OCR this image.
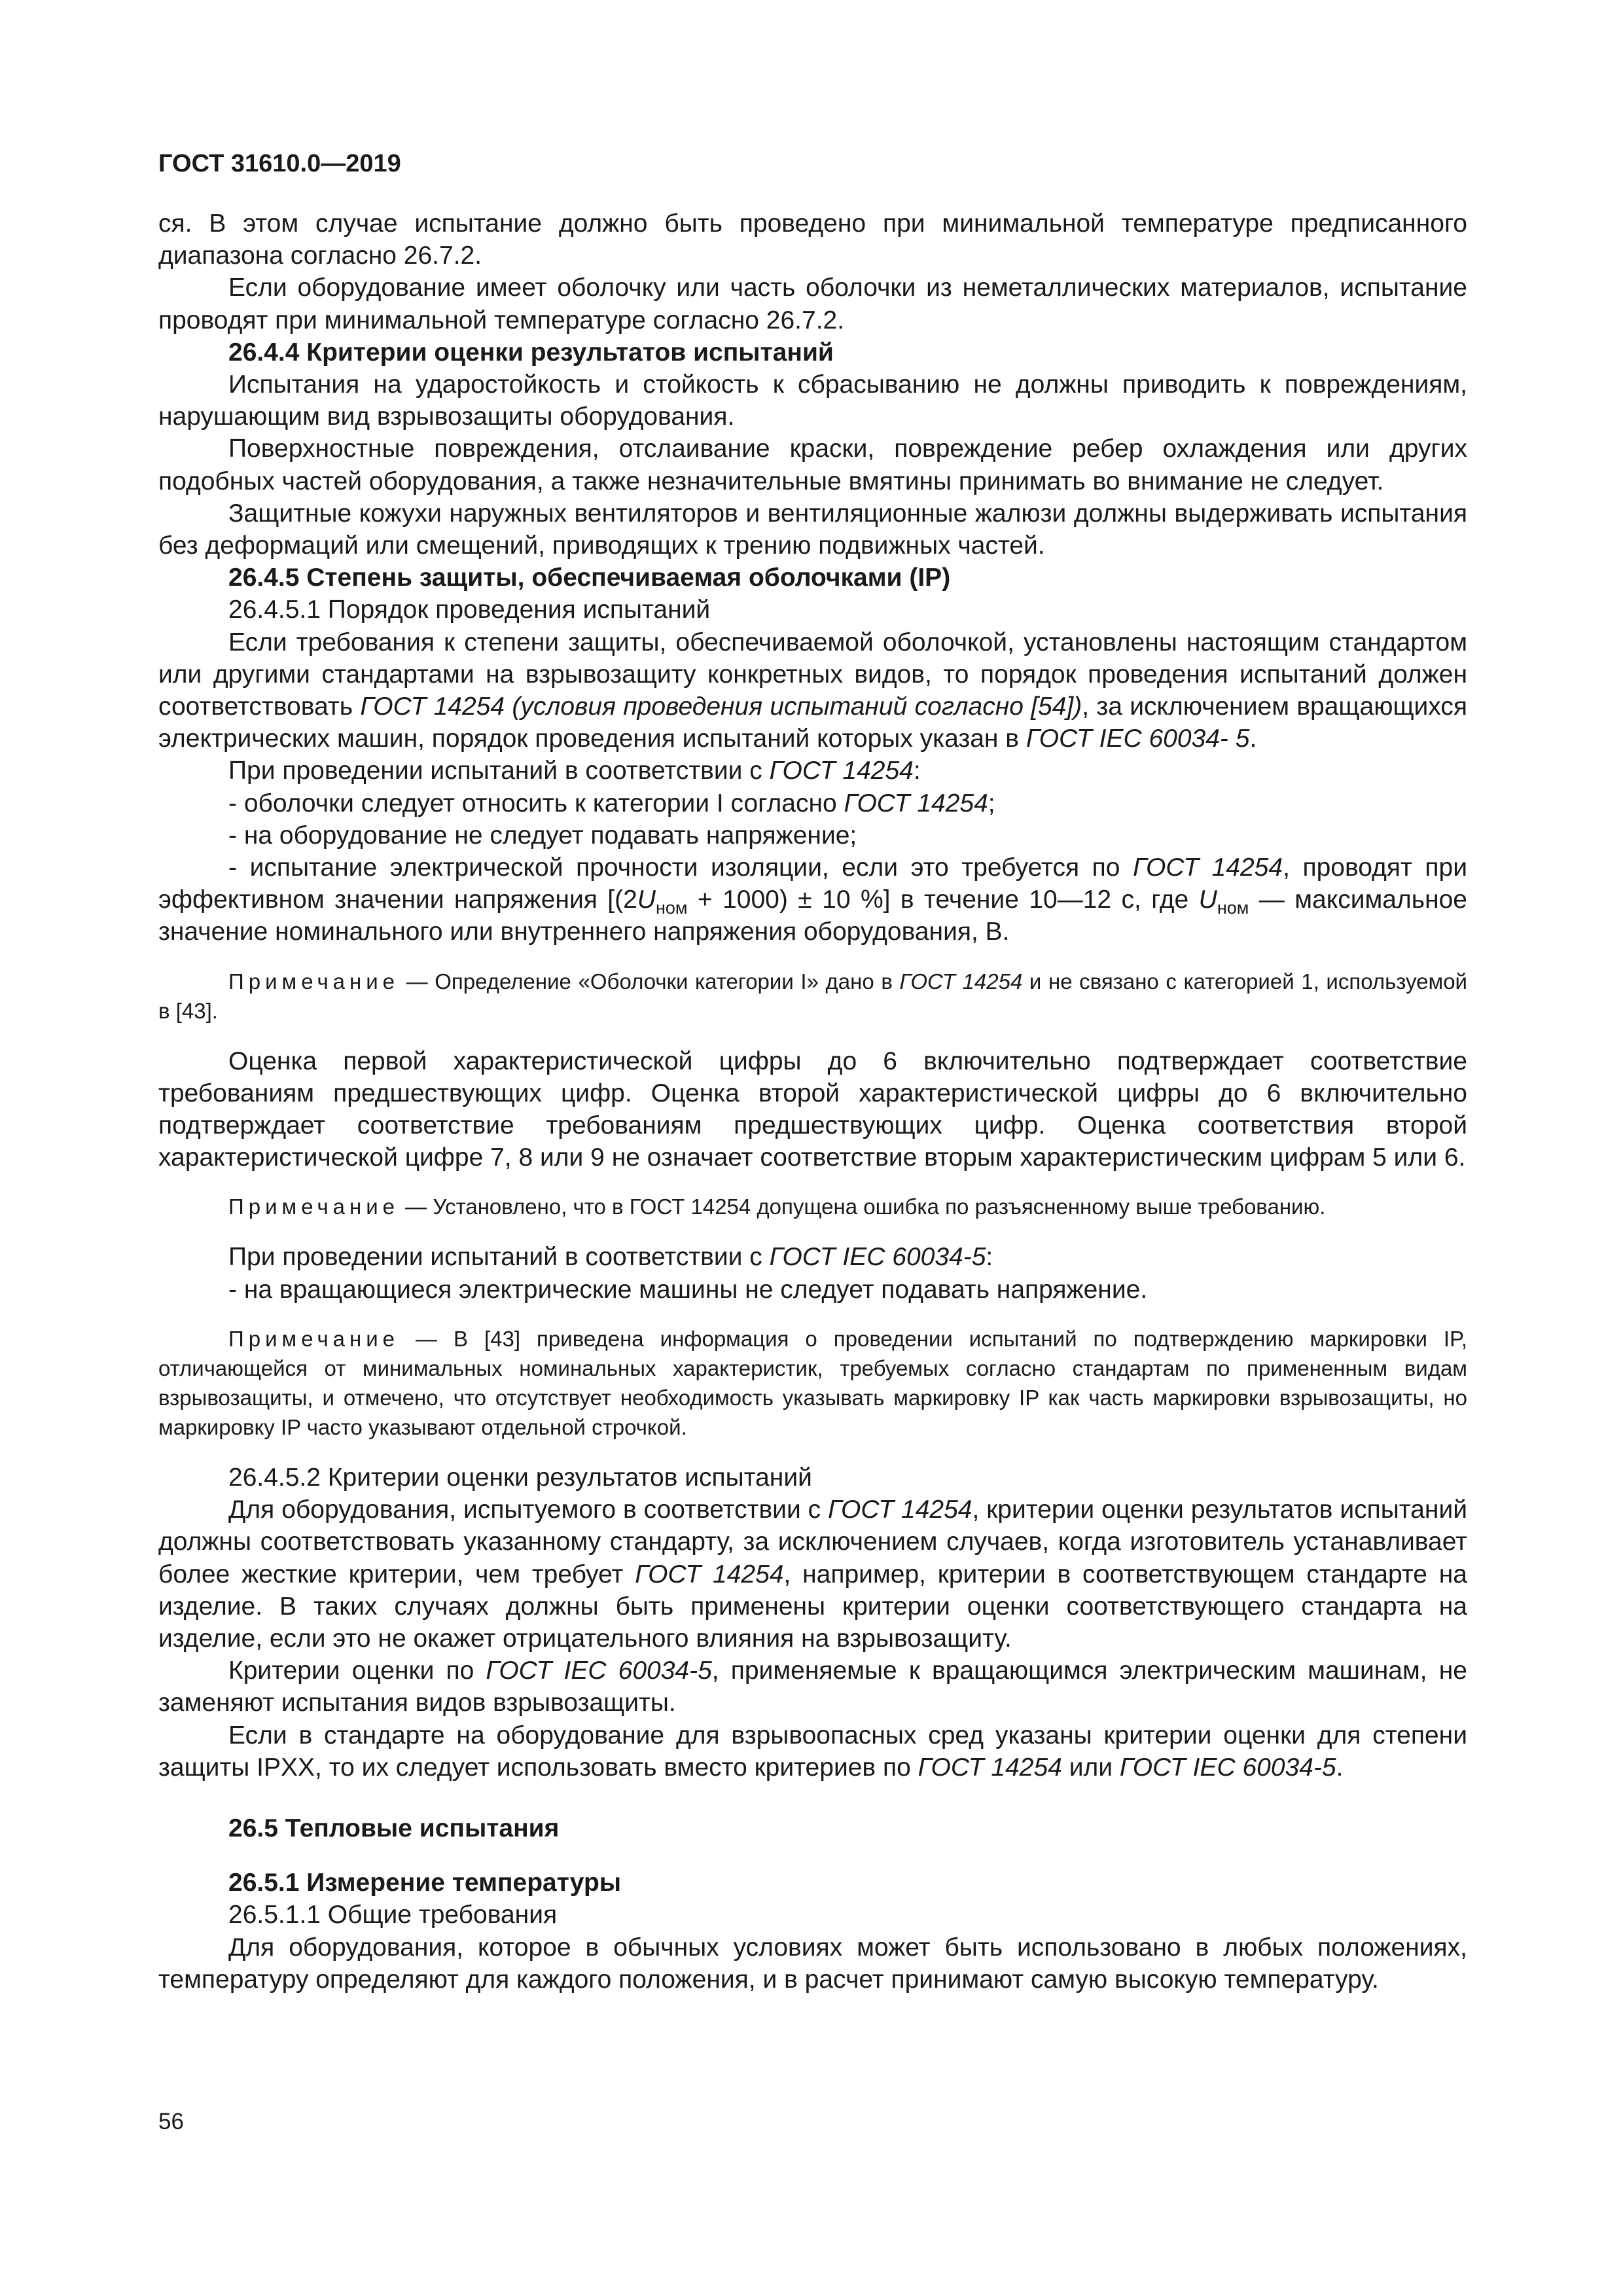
ГОСТ 31610.0—2019

ся. В этом случае испытание должно быть проведено при минимальной температуре предписанного диапазона согласно 26.7.2.

Если оборудование имеет оболочку или часть оболочки из неметаллических материалов, испытание проводят при минимальной температуре согласно 26.7.2.

26.4.4 Критерии оценки результатов испытаний

Испытания на ударостойкость и стойкость к сбрасыванию не должны приводить к повреждениям, нарушающим вид взрывозащиты оборудования.

Поверхностные повреждения, отслаивание краски, повреждение ребер охлаждения или других подобных частей оборудования, а также незначительные вмятины принимать во внимание не следует.

Защитные кожухи наружных вентиляторов и вентиляционные жалюзи должны выдерживать испытания без деформаций или смещений, приводящих к трению подвижных частей.

26.4.5 Степень защиты, обеспечиваемая оболочками (IP)

26.4.5.1 Порядок проведения испытаний

Если требования к степени защиты, обеспечиваемой оболочкой, установлены настоящим стандартом или другими стандартами на взрывозащиту конкретных видов, то порядок проведения испытаний должен соответствовать ГОСТ 14254 (условия проведения испытаний согласно [54]), за исключением вращающихся электрических машин, порядок проведения испытаний которых указан в ГОСТ IEC 60034- 5.

При проведении испытаний в соответствии с ГОСТ 14254:

- оболочки следует относить к категории I согласно ГОСТ 14254;

- на оборудование не следует подавать напряжение;

- испытание электрической прочности изоляции, если это требуется по ГОСТ 14254, проводят при эффективном значении напряжения [$(2U_{ном} + 1000) \pm 10$ %] в течение 10—12 с, где $U_{ном}$ — максимальное значение номинального или внутреннего напряжения оборудования, В.

Примечание — Определение «Оболочки категории I» дано в ГОСТ 14254 и не связано с категорией 1, используемой в [43].

Оценка первой характеристической цифры до 6 включительно подтверждает соответствие требованиям предшествующих цифр. Оценка второй характеристической цифры до 6 включительно подтверждает соответствие требованиям предшествующих цифр. Оценка соответствия второй характеристической цифре 7, 8 или 9 не означает соответствие вторым характеристическим цифрам 5 или 6.

Примечание — Установлено, что в ГОСТ 14254 допущена ошибка по разъясненному выше требованию.

При проведении испытаний в соответствии с ГОСТ IEC 60034-5:

- на вращающиеся электрические машины не следует подавать напряжение.

Примечание — В [43] приведена информация о проведении испытаний по подтверждению маркировки IP, отличающейся от минимальных номинальных характеристик, требуемых согласно стандартам по примененным видам взрывозащиты, и отмечено, что отсутствует необходимость указывать маркировку IP как часть маркировки взрывозащиты, но маркировку IP часто указывают отдельной строчкой.

26.4.5.2 Критерии оценки результатов испытаний

Для оборудования, испытуемого в соответствии с ГОСТ 14254, критерии оценки результатов испытаний должны соответствовать указанному стандарту, за исключением случаев, когда изготовитель устанавливает более жесткие критерии, чем требует ГОСТ 14254, например, критерии в соответствующем стандарте на изделие. В таких случаях должны быть применены критерии оценки соответствующего стандарта на изделие, если это не окажет отрицательного влияния на взрывозащиту.

Критерии оценки по ГОСТ IEC 60034-5, применяемые к вращающимся электрическим машинам, не заменяют испытания видов взрывозащиты.

Если в стандарте на оборудование для взрывоопасных сред указаны критерии оценки для степени защиты IPXX, то их следует использовать вместо критериев по ГОСТ 14254 или ГОСТ IEC 60034-5.

26.5 Тепловые испытания

26.5.1 Измерение температуры

26.5.1.1 Общие требования

Для оборудования, которое в обычных условиях может быть использовано в любых положениях, температуру определяют для каждого положения, и в расчет принимают самую высокую температуру.

56
